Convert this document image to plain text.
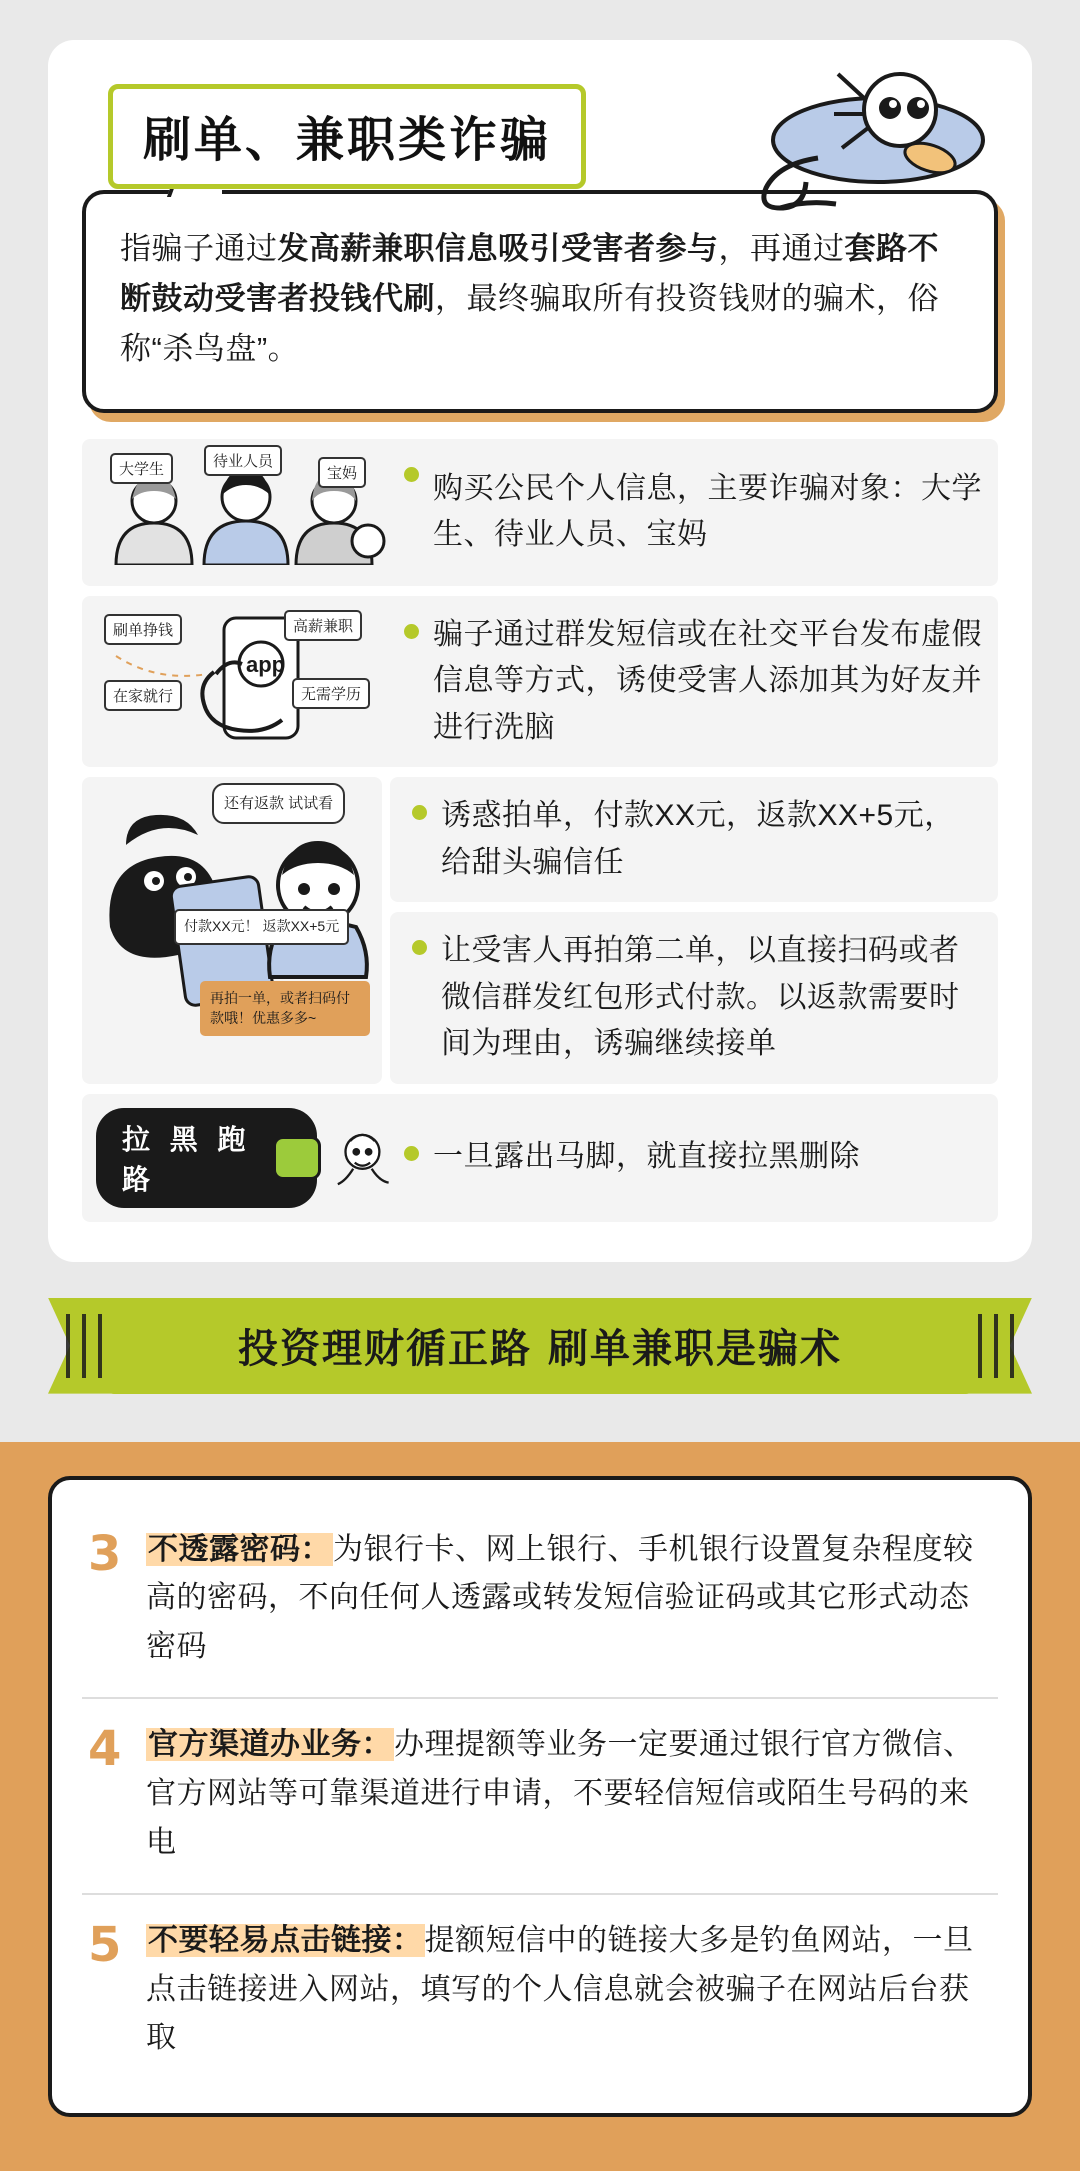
刷单、兼职类诈骗

指骗子通过发高薪兼职信息吸引受害者参与，再通过套路不断鼓动受害者投钱代刷，最终骗取所有投资钱财的骗术，俗称“杀鸟盘”。

大学生	待业人员
宝妈	购买公民个人信息，主要诈骗对象：大学生、待业人员、宝妈

刷单挣钱	高薪兼职
在家就行	无需学历
app

骗子通过群发短信或在社交平台发布虚假信息等方式，诱使受害人添加其为好友并进行洗脑

还有返款 试试看
付款XX元！ 返款XX+5元
再拍一单，或者扫码付款哦！优惠多多~

诱惑拍单，付款XX元，返款XX+5元，给甜头骗信任

让受害人再拍第二单，以直接扫码或者微信群发红包形式付款。以返款需要时间为理由，诱骗继续接单

拉 黑 跑 路

一旦露出马脚，就直接拉黑删除

投资理财循正路 刷单兼职是骗术
3 不透露密码：为银行卡、网上银行、手机银行设置复杂程度较高的密码，不向任何人透露或转发短信验证码或其它形式动态密码
4 官方渠道办业务：办理提额等业务一定要通过银行官方微信、官方网站等可靠渠道进行申请，不要轻信短信或陌生号码的来电
5 不要轻易点击链接：提额短信中的链接大多是钓鱼网站，一旦点击链接进入网站，填写的个人信息就会被骗子在网站后台获取
